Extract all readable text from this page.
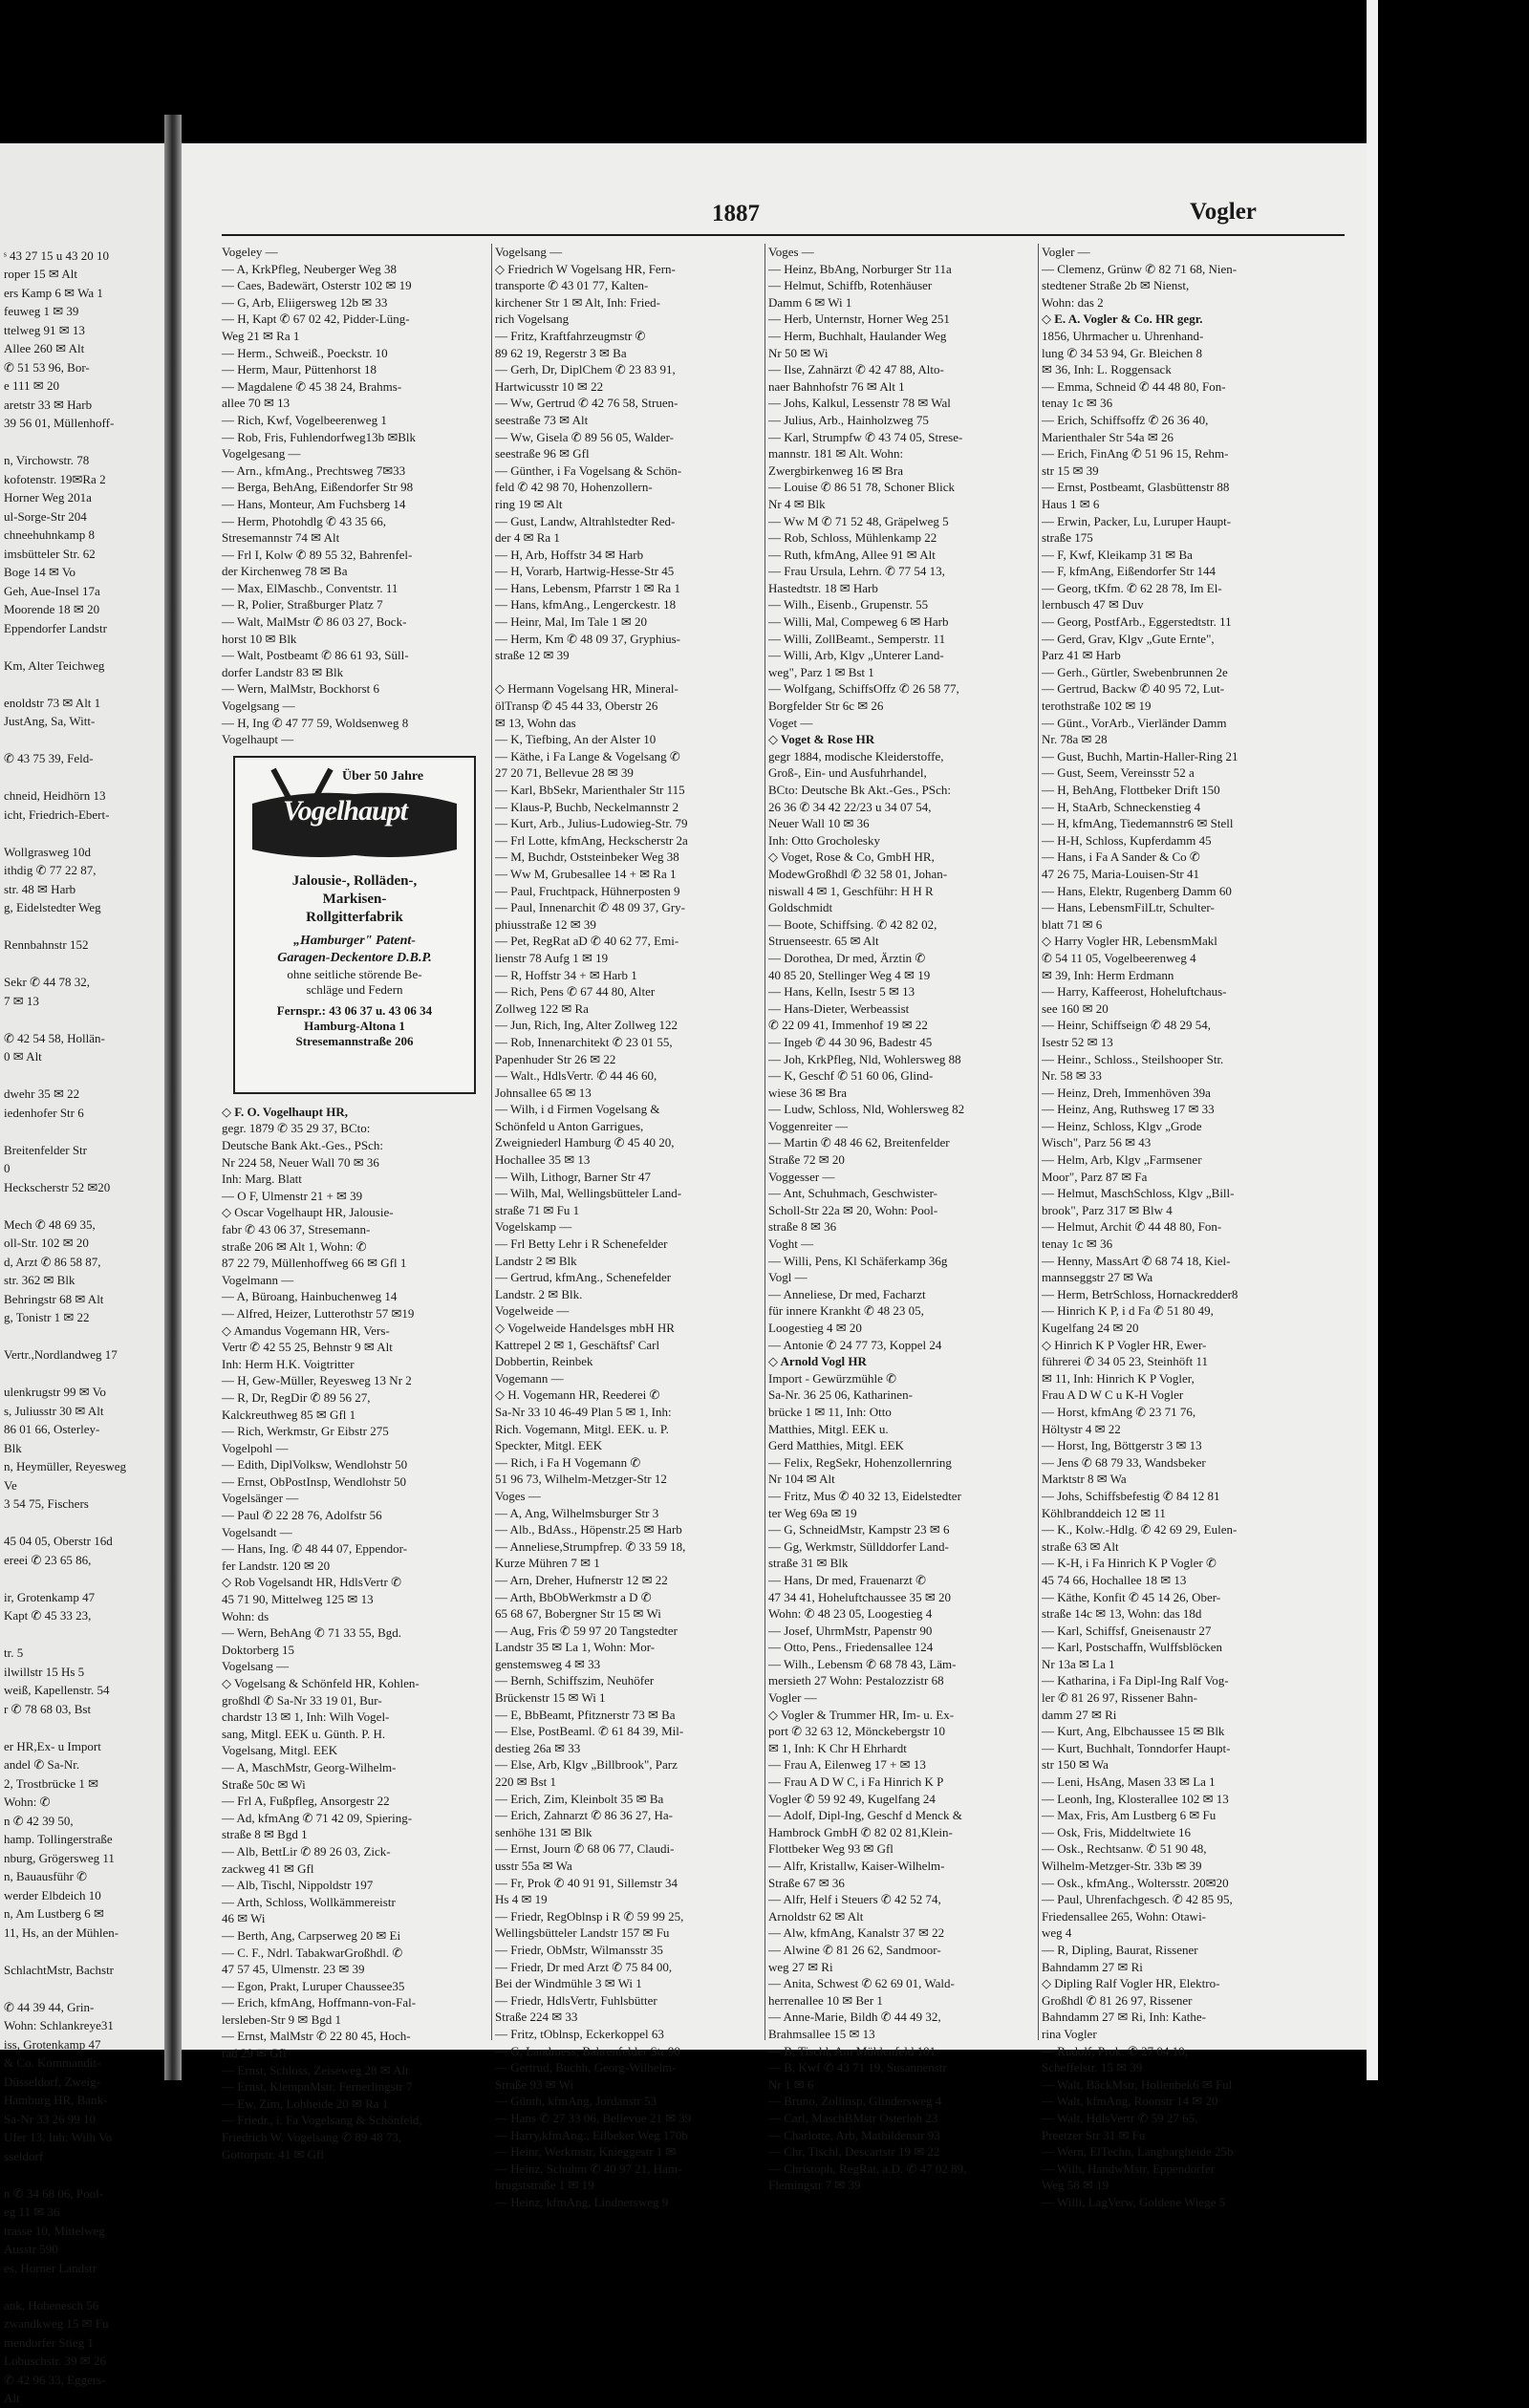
ˢ 43 27 15 u 43 20 10
roper 15 ✉ Alt
ers Kamp 6 ✉ Wa 1
feuweg 1 ✉ 39
ttelweg 91 ✉ 13
Allee 260 ✉ Alt
✆ 51 53 96, Bor-
e 111 ✉ 20
aretstr 33 ✉ Harb
39 56 01, Müllenhoff-

n, Virchowstr. 78
kofotenstr. 19✉Ra 2
Horner Weg 201a
ul-Sorge-Str 204
chneehuhnkamp 8
imsbütteler Str. 62
Boge 14 ✉ Vo
Geh, Aue-Insel 17a
Moorende 18 ✉ 20
Eppendorfer Landstr

Km, Alter Teichweg

enoldstr 73 ✉ Alt 1
JustAng, Sa, Witt-

✆ 43 75 39, Feld-

chneid, Heidhörn 13
icht, Friedrich-Ebert-

Wollgrasweg 10d
ithdig ✆ 77 22 87,
str. 48 ✉ Harb
g, Eidelstedter Weg

Rennbahnstr 152

Sekr ✆ 44 78 32,
7 ✉ 13

✆ 42 54 58, Hollän-
0 ✉ Alt

dwehr 35 ✉ 22
iedenhofer Str 6

Breitenfelder Str
0
Heckscherstr 52 ✉20

Mech ✆ 48 69 35,
oll-Str. 102 ✉ 20
d, Arzt ✆ 86 58 87,
str. 362 ✉ Blk
Behringstr 68 ✉ Alt
g, Tonistr 1 ✉ 22

Vertr.,Nordlandweg 17

ulenkrugstr 99 ✉ Vo
s, Juliusstr 30 ✉ Alt
86 01 66, Osterley-
Blk
n, Heymüller, Reyesweg
Ve
3 54 75, Fischers

45 04 05, Oberstr 16d
ereei ✆ 23 65 86,

ir, Grotenkamp 47
Kapt ✆ 45 33 23,

tr. 5
ilwillstr 15 Hs 5
weiß, Kapellenstr. 54
r ✆ 78 68 03, Bst

er HR,Ex- u Import
andel ✆ Sa-Nr.
2, Trostbrücke 1 ✉
Wohn: ✆
n ✆ 42 39 50,
hamp. Tollingerstraße
nburg, Grögersweg 11
n, Bauausführ ✆
werder Elbdeich 10
n, Am Lustberg 6 ✉
11, Hs, an der Mühlen-

SchlachtMstr, Bachstr

✆ 44 39 44, Grin-
Wohn: Schlankreye31
iss, Grotenkamp 47
& Co. Kommandit-
Düsseldorf, Zweig-
Hamburg HR, Bank-
Sa-Nr 33 26 99 10
Ufer 13, Inh: Wilh Vo
sseldorf

n ✆ 34 68 06, Pool-
eg 11 ✉ 36
trasse 10, Mittelweg
Ausstr 590
es, Horner Landstr

ank, Hohenesch 56
zwandkweg 15 ✉ Fu
mendorfer Stieg 1
Lobuschstr. 39 ✉ 26
✆ 42 96 33, Eggers-
Alt
1887	Vogler
Vogeley —
— A, KrkPfleg, Neuberger Weg 38
— Caes, Badewärt, Osterstr 102 ✉ 19
— G, Arb, Eliigersweg 12b ✉ 33
— H, Kapt ✆ 67 02 42, Pidder-Lüng-
Weg 21 ✉ Ra 1
— Herm., Schweiß., Poeckstr. 10
— Herm, Maur, Püttenhorst 18
— Magdalene ✆ 45 38 24, Brahms-
allee 70 ✉ 13
— Rich, Kwf, Vogelbeerenweg 1
— Rob, Fris, Fuhlendorfweg13b ✉Blk
Vogelgesang —
— Arn., kfmAng., Prechtsweg 7✉33
— Berga, BehAng, Eißendorfer Str 98
— Hans, Monteur, Am Fuchsberg 14
— Herm, Photohdlg ✆ 43 35 66,
Stresemannstr 74 ✉ Alt
— Frl I, Kolw ✆ 89 55 32, Bahrenfel-
der Kirchenweg 78 ✉ Ba
— Max, ElMaschb., Conventstr. 11
— R, Polier, Straßburger Platz 7
— Walt, MalMstr ✆ 86 03 27, Bock-
horst 10 ✉ Blk
— Walt, Postbeamt ✆ 86 61 93, Süll-
dorfer Landstr 83 ✉ Blk
— Wern, MalMstr, Bockhorst 6
Vogelgsang —
— H, Ing ✆ 47 77 59, Woldsenweg 8
Vogelhaupt —
Über 50 Jahre
Vogelhaupt
Jalousie-, Rolläden-,
Markisen-
Rollgitterfabrik
„Hamburger" Patent-
Garagen-Deckentore D.B.P.
ohne seitliche störende Be-
schläge und Federn
Fernspr.: 43 06 37 u. 43 06 34
Hamburg-Altona 1
Stresemannstraße 206
◇ F. O. Vogelhaupt HR,
gegr. 1879 ✆ 35 29 37, BCto:
Deutsche Bank Akt.-Ges., PSch:
Nr 224 58, Neuer Wall 70 ✉ 36
Inh: Marg. Blatt
— O F, Ulmenstr 21 + ✉ 39
◇ Oscar Vogelhaupt HR, Jalousie-
fabr ✆ 43 06 37, Stresemann-
straße 206 ✉ Alt 1, Wohn: ✆
87 22 79, Müllenhoffweg 66 ✉ Gfl 1
Vogelmann —
— A, Büroang, Hainbuchenweg 14
— Alfred, Heizer, Lutterothstr 57 ✉19
◇ Amandus Vogemann HR, Vers-
Vertr ✆ 42 55 25, Behnstr 9 ✉ Alt
Inh: Herm H.K. Voigtritter
— H, Gew-Müller, Reyesweg 13 Nr 2
— R, Dr, RegDir ✆ 89 56 27,
Kalckreuthweg 85 ✉ Gfl 1
— Rich, Werkmstr, Gr Eibstr 275
Vogelpohl —
— Edith, DiplVolksw, Wendlohstr 50
— Ernst, ObPostInsp, Wendlohstr 50
Vogelsänger —
— Paul ✆ 22 28 76, Adolfstr 56
Vogelsandt —
— Hans, Ing. ✆ 48 44 07, Eppendor-
fer Landstr. 120 ✉ 20
◇ Rob Vogelsandt HR, HdlsVertr ✆
45 71 90, Mittelweg 125 ✉ 13
Wohn: ds
— Wern, BehAng ✆ 71 33 55, Bgd.
Doktorberg 15
Vogelsang —
◇ Vogelsang & Schönfeld HR, Kohlen-
großhdl ✆ Sa-Nr 33 19 01, Bur-
chardstr 13 ✉ 1, Inh: Wilh Vogel-
sang, Mitgl. EEK u. Günth. P. H.
Vogelsang, Mitgl. EEK
— A, MaschMstr, Georg-Wilhelm-
Straße 50c ✉ Wi
— Frl A, Fußpfleg, Ansorgestr 22
— Ad, kfmAng ✆ 71 42 09, Spiering-
straße 8 ✉ Bgd 1
— Alb, BettLir ✆ 89 26 03, Zick-
zackweg 41 ✉ Gfl
— Alb, Tischl, Nippoldstr 197
— Arth, Schloss, Wollkämmereistr
46 ✉ Wi
— Berth, Ang, Carpserweg 20 ✉ Ei
— C. F., Ndrl. TabakwarGroßhdl. ✆
47 57 45, Ulmenstr. 23 ✉ 39
— Egon, Prakt, Luruper Chaussee35
— Erich, kfmAng, Hoffmann-von-Fal-
lersleben-Str 9 ✉ Bgd 1
— Ernst, MalMstr ✆ 22 80 45, Hoch-
rad 29 ✉ Gfl
— Ernst, Schloss, Zeiseweg 28 ✉ Alt
— Ernst, KlempnMstr, Fernerlingstr 7
— Ew, Zim, Lohheide 20 ✉ Ra 1
— Friedr., i. Fa Vogelsang & Schönfeld,
Friedrich W. Vogelsang ✆ 89 48 73,
Gottorpstr. 41 ✉ Gfl
Vogelsang —
◇ Friedrich W Vogelsang HR, Fern-
transporte ✆ 43 01 77, Kalten-
kirchener Str 1 ✉ Alt, Inh: Fried-
rich Vogelsang
— Fritz, Kraftfahrzeugmstr ✆
89 62 19, Regerstr 3 ✉ Ba
— Gerh, Dr, DiplChem ✆ 23 83 91,
Hartwicusstr 10 ✉ 22
— Ww, Gertrud ✆ 42 76 58, Struen-
seestraße 73 ✉ Alt
— Ww, Gisela ✆ 89 56 05, Walder-
seestraße 96 ✉ Gfl
— Günther, i Fa Vogelsang & Schön-
feld ✆ 42 98 70, Hohenzollern-
ring 19 ✉ Alt
— Gust, Landw, Altrahlstedter Red-
der 4 ✉ Ra 1
— H, Arb, Hoffstr 34 ✉ Harb
— H, Vorarb, Hartwig-Hesse-Str 45
— Hans, Lebensm, Pfarrstr 1 ✉ Ra 1
— Hans, kfmAng., Lengerckestr. 18
— Heinr, Mal, Im Tale 1 ✉ 20
— Herm, Km ✆ 48 09 37, Gryphius-
straße 12 ✉ 39

◇ Hermann Vogelsang HR, Mineral-
ölTransp ✆ 45 44 33, Oberstr 26
✉ 13, Wohn das
— K, Tiefbing, An der Alster 10
— Käthe, i Fa Lange & Vogelsang ✆
27 20 71, Bellevue 28 ✉ 39
— Karl, BbSekr, Marienthaler Str 115
— Klaus-P, Buchb, Neckelmannstr 2
— Kurt, Arb., Julius-Ludowieg-Str. 79
— Frl Lotte, kfmAng, Heckscherstr 2a
— M, Buchdr, Oststeinbeker Weg 38
— Ww M, Grubesallee 14 + ✉ Ra 1
— Paul, Fruchtpack, Hühnerposten 9
— Paul, Innenarchit ✆ 48 09 37, Gry-
phiusstraße 12 ✉ 39
— Pet, RegRat aD ✆ 40 62 77, Emi-
lienstr 78 Aufg 1 ✉ 19
— R, Hoffstr 34 + ✉ Harb 1
— Rich, Pens ✆ 67 44 80, Alter
Zollweg 122 ✉ Ra
— Jun, Rich, Ing, Alter Zollweg 122
— Rob, Innenarchitekt ✆ 23 01 55,
Papenhuder Str 26 ✉ 22
— Walt., HdlsVertr. ✆ 44 46 60,
Johnsallee 65 ✉ 13
— Wilh, i d Firmen Vogelsang &
Schönfeld u Anton Garrigues,
Zweigniederl Hamburg ✆ 45 40 20,
Hochallee 35 ✉ 13
— Wilh, Lithogr, Barner Str 47
— Wilh, Mal, Wellingsbütteler Land-
straße 71 ✉ Fu 1
Vogelskamp —
— Frl Betty Lehr i R Schenefelder
Landstr 2 ✉ Blk
— Gertrud, kfmAng., Schenefelder
Landstr. 2 ✉ Blk.
Vogelweide —
◇ Vogelweide Handelsges mbH HR
Kattrepel 2 ✉ 1, Geschäftsf' Carl
Dobbertin, Reinbek
Vogemann —
◇ H. Vogemann HR, Reederei ✆
Sa-Nr 33 10 46-49 Plan 5 ✉ 1, Inh:
Rich. Vogemann, Mitgl. EEK. u. P.
Speckter, Mitgl. EEK
— Rich, i Fa H Vogemann ✆
51 96 73, Wilhelm-Metzger-Str 12
Voges —
— A, Ang, Wilhelmsburger Str 3
— Alb., BdAss., Höpenstr.25 ✉ Harb
— Anneliese,Strumpfrep. ✆ 33 59 18,
Kurze Mühren 7 ✉ 1
— Arn, Dreher, Hufnerstr 12 ✉ 22
— Arth, BbObWerkmstr a D ✆
65 68 67, Bobergner Str 15 ✉ Wi
— Aug, Fris ✆ 59 97 20 Tangstedter
Landstr 35 ✉ La 1, Wohn: Mor-
genstemsweg 4 ✉ 33
— Bernh, Schiffszim, Neuhöfer
Brückenstr 15 ✉ Wi 1
— E, BbBeamt, Pfitznerstr 73 ✉ Ba
— Else, PostBeaml. ✆ 61 84 39, Mil-
destieg 26a ✉ 33
— Else, Arb, Klgv „Billbrook", Parz
220 ✉ Bst 1
— Erich, Zim, Kleinbolt 35 ✉ Ba
— Erich, Zahnarzt ✆ 86 36 27, Ha-
senhöhe 131 ✉ Blk
— Ernst, Journ ✆ 68 06 77, Claudi-
usstr 55a ✉ Wa
— Fr, Prok ✆ 40 91 91, Sillemstr 34
Hs 4 ✉ 19
— Friedr, RegOblnsp i R ✆ 59 99 25,
Wellingsbütteler Landstr 157 ✉ Fu
— Friedr, ObMstr, Wilmansstr 35
— Friedr, Dr med Arzt ✆ 75 84 00,
Bei der Windmühle 3 ✉ Wi 1
— Friedr, HdlsVertr, Fuhlsbütter
Straße 224 ✉ 33
— Fritz, tOblnsp, Eckerkoppel 63
— G, Landmess, Bahrenfelder Str 90
— Gertrud, Buchh, Georg-Wilhelm-
Straße 93 ✉ Wi
— Günth, kfmAng, Jordanstr 53
— Hans ✆ 27 33 06, Bellevue 21 ✉ 39
— Harry,kfmAng., Eilbeker Weg 170b
— Heinr, Werkmstr, Knieggestr 1 ✉
— Heinz, Schuhm ✆ 40 97 21, Ham-
brugststraße 1 ✉ 19
— Heinz, kfmAng, Lindnersweg 9
Voges —
— Heinz, BbAng, Norburger Str 11a
— Helmut, Schiffb, Rotenhäuser
Damm 6 ✉ Wi 1
— Herb, Unternstr, Horner Weg 251
— Herm, Buchhalt, Haulander Weg
Nr 50 ✉ Wi
— Ilse, Zahnärzt ✆ 42 47 88, Alto-
naer Bahnhofstr 76 ✉ Alt 1
— Johs, Kalkul, Lessenstr 78 ✉ Wal
— Julius, Arb., Hainholzweg 75
— Karl, Strumpfw ✆ 43 74 05, Strese-
mannstr. 181 ✉ Alt. Wohn:
Zwergbirkenweg 16 ✉ Bra
— Louise ✆ 86 51 78, Schoner Blick
Nr 4 ✉ Blk
— Ww M ✆ 71 52 48, Gräpelweg 5
— Rob, Schloss, Mühlenkamp 22
— Ruth, kfmAng, Allee 91 ✉ Alt
— Frau Ursula, Lehrn. ✆ 77 54 13,
Hastedtstr. 18 ✉ Harb
— Wilh., Eisenb., Grupenstr. 55
— Willi, Mal, Compeweg 6 ✉ Harb
— Willi, ZollBeamt., Semperstr. 11
— Willi, Arb, Klgv „Unterer Land-
weg", Parz 1 ✉ Bst 1
— Wolfgang, SchiffsOffz ✆ 26 58 77,
Borgfelder Str 6c ✉ 26
Voget —
◇ Voget & Rose HR
gegr 1884, modische Kleiderstoffe,
Groß-, Ein- und Ausfuhrhandel,
BCto: Deutsche Bk Akt.-Ges., PSch:
26 36 ✆ 34 42 22/23 u 34 07 54,
Neuer Wall 10 ✉ 36
Inh: Otto Grocholesky
◇ Voget, Rose & Co, GmbH HR,
ModewGroßhdl ✆ 32 58 01, Johan-
niswall 4 ✉ 1, Geschführ: H H R
Goldschmidt
— Boote, Schiffsing. ✆ 42 82 02,
Struenseestr. 65 ✉ Alt
— Dorothea, Dr med, Ärztin ✆
40 85 20, Stellinger Weg 4 ✉ 19
— Hans, Kelln, Isestr 5 ✉ 13
— Hans-Dieter, Werbeassist
✆ 22 09 41, Immenhof 19 ✉ 22
— Ingeb ✆ 44 30 96, Badestr 45
— Joh, KrkPfleg, Nld, Wohlersweg 88
— K, Geschf ✆ 51 60 06, Glind-
wiese 36 ✉ Bra
— Ludw, Schloss, Nld, Wohlersweg 82
Voggenreiter —
— Martin ✆ 48 46 62, Breitenfelder
Straße 72 ✉ 20
Voggesser —
— Ant, Schuhmach, Geschwister-
Scholl-Str 22a ✉ 20, Wohn: Pool-
straße 8 ✉ 36
Voght —
— Willi, Pens, Kl Schäferkamp 36g
Vogl —
— Anneliese, Dr med, Facharzt
für innere Krankht ✆ 48 23 05,
Loogestieg 4 ✉ 20
— Antonie ✆ 24 77 73, Koppel 24
◇ Arnold Vogl HR
Import - Gewürzmühle ✆
Sa-Nr. 36 25 06, Katharinen-
brücke 1 ✉ 11, Inh: Otto
Matthies, Mitgl. EEK u.
Gerd Matthies, Mitgl. EEK
— Felix, RegSekr, Hohenzollernring
Nr 104 ✉ Alt
— Fritz, Mus ✆ 40 32 13, Eidelstedter
ter Weg 69a ✉ 19
— G, SchneidMstr, Kampstr 23 ✉ 6
— Gg, Werkmstr, Süllddorfer Land-
straße 31 ✉ Blk
— Hans, Dr med, Frauenarzt ✆
47 34 41, Hoheluftchaussee 35 ✉ 20
Wohn: ✆ 48 23 05, Loogestieg 4
— Josef, UhrmMstr, Papenstr 90
— Otto, Pens., Friedensallee 124
— Wilh., Lebensm ✆ 68 78 43, Läm-
mersieth 27 Wohn: Pestalozzistr 68
Vogler —
◇ Vogler & Trummer HR, Im- u. Ex-
port ✆ 32 63 12, Mönckebergstr 10
✉ 1, Inh: K Chr H Ehrhardt
— Frau A, Eilenweg 17 + ✉ 13
— Frau A D W C, i Fa Hinrich K P
Vogler ✆ 59 92 49, Kugelfang 24
— Adolf, Dipl-Ing, Geschf d Menck &
Hambrock GmbH ✆ 82 02 81,Klein-
Flottbeker Weg 93 ✉ Gfl
— Alfr, Kristallw, Kaiser-Wilhelm-
Straße 67 ✉ 36
— Alfr, Helf i Steuers ✆ 42 52 74,
Arnoldstr 62 ✉ Alt
— Alw, kfmAng, Kanalstr 37 ✉ 22
— Alwine ✆ 81 26 62, Sandmoor-
weg 27 ✉ Ri
— Anita, Schwest ✆ 62 69 01, Wald-
herrenallee 10 ✉ Ber 1
— Anne-Marie, Bildh ✆ 44 49 32,
Brahmsallee 15 ✉ 13
— B, Tischl, Am Mühlenfeld 101
— B, Kwf ✆ 43 71 19, Susannenstr
Nr 1 ✉ 6
— Bruno, Zollinsp, Glindersweg 4
— Carl, MaschBMstr Osterloh 23
— Charlotte, Arb, Mathildenstr 93
— Chr, Tischl, Descartstr 19 ✉ 22
— Christoph, RegRat, a.D. ✆ 47 02 89,
Flemingstr 7 ✉ 39
Vogler —
— Clemenz, Grünw ✆ 82 71 68, Nien-
stedtener Straße 2b ✉ Nienst,
Wohn: das 2
◇ E. A. Vogler & Co. HR gegr.
1856, Uhrmacher u. Uhrenhand-
lung ✆ 34 53 94, Gr. Bleichen 8
✉ 36, Inh: L. Roggensack
— Emma, Schneid ✆ 44 48 80, Fon-
tenay 1c ✉ 36
— Erich, Schiffsoffz ✆ 26 36 40,
Marienthaler Str 54a ✉ 26
— Erich, FinAng ✆ 51 96 15, Rehm-
str 15 ✉ 39
— Ernst, Postbeamt, Glasbüttenstr 88
Haus 1 ✉ 6
— Erwin, Packer, Lu, Luruper Haupt-
straße 175
— F, Kwf, Kleikamp 31 ✉ Ba
— F, kfmAng, Eißendorfer Str 144
— Georg, tKfm. ✆ 62 28 78, Im El-
lernbusch 47 ✉ Duv
— Georg, PostfArb., Eggerstedtstr. 11
— Gerd, Grav, Klgv „Gute Ernte",
Parz 41 ✉ Harb
— Gerh., Gürtler, Swebenbrunnen 2e
— Gertrud, Backw ✆ 40 95 72, Lut-
terothstraße 102 ✉ 19
— Günt., VorArb., Vierländer Damm
Nr. 78a ✉ 28
— Gust, Buchh, Martin-Haller-Ring 21
— Gust, Seem, Vereinsstr 52 a
— H, BehAng, Flottbeker Drift 150
— H, StaArb, Schneckenstieg 4
— H, kfmAng, Tiedemannstr6 ✉ Stell
— H-H, Schloss, Kupferdamm 45
— Hans, i Fa A Sander & Co ✆
47 26 75, Maria-Louisen-Str 41
— Hans, Elektr, Rugenberg Damm 60
— Hans, LebensmFilLtr, Schulter-
blatt 71 ✉ 6
◇ Harry Vogler HR, LebensmMakl
✆ 54 11 05, Vogelbeerenweg 4
✉ 39, Inh: Herm Erdmann
— Harry, Kaffeerost, Hoheluftchaus-
see 160 ✉ 20
— Heinr, Schiffseign ✆ 48 29 54,
Isestr 52 ✉ 13
— Heinr., Schloss., Steilshooper Str.
Nr. 58 ✉ 33
— Heinz, Dreh, Immenhöven 39a
— Heinz, Ang, Ruthsweg 17 ✉ 33
— Heinz, Schloss, Klgv „Grode
Wisch", Parz 56 ✉ 43
— Helm, Arb, Klgv „Farmsener
Moor", Parz 87 ✉ Fa
— Helmut, MaschSchloss, Klgv „Bill-
brook", Parz 317 ✉ Blw 4
— Helmut, Archit ✆ 44 48 80, Fon-
tenay 1c ✉ 36
— Henny, MassArt ✆ 68 74 18, Kiel-
mannseggstr 27 ✉ Wa
— Herm, BetrSchloss, Hornackredder8
— Hinrich K P, i d Fa ✆ 51 80 49,
Kugelfang 24 ✉ 20
◇ Hinrich K P Vogler HR, Ewer-
führerei ✆ 34 05 23, Steinhöft 11
✉ 11, Inh: Hinrich K P Vogler,
Frau A D W C u K-H Vogler
— Horst, kfmAng ✆ 23 71 76,
Höltystr 4 ✉ 22
— Horst, Ing, Böttgerstr 3 ✉ 13
— Jens ✆ 68 79 33, Wandsbeker
Marktstr 8 ✉ Wa
— Johs, Schiffsbefestig ✆ 84 12 81
Köhlbranddeich 12 ✉ 11
— K., Kolw.-Hdlg. ✆ 42 69 29, Eulen-
straße 63 ✉ Alt
— K-H, i Fa Hinrich K P Vogler ✆
45 74 66, Hochallee 18 ✉ 13
— Käthe, Konfit ✆ 45 14 26, Ober-
straße 14c ✉ 13, Wohn: das 18d
— Karl, Schiffsf, Gneisenaustr 27
— Karl, Postschaffn, Wulffsblöcken
Nr 13a ✉ La 1
— Katharina, i Fa Dipl-Ing Ralf Vog-
ler ✆ 81 26 97, Rissener Bahn-
damm 27 ✉ Ri
— Kurt, Ang, Elbchaussee 15 ✉ Blk
— Kurt, Buchhalt, Tonndorfer Haupt-
str 150 ✉ Wa
— Leni, HsAng, Masen 33 ✉ La 1
— Leonh, Ing, Klosterallee 102 ✉ 13
— Max, Fris, Am Lustberg 6 ✉ Fu
— Osk, Fris, Middeltwiete 16
— Osk., Rechtsanw. ✆ 51 90 48,
Wilhelm-Metzger-Str. 33b ✉ 39
— Osk., kfmAng., Woltersstr. 20✉20
— Paul, Uhrenfachgesch. ✆ 42 85 95,
Friedensallee 265, Wohn: Otawi-
weg 4
— R, Dipling, Baurat, Rissener
Bahndamm 27 ✉ Ri
◇ Dipling Ralf Vogler HR, Elektro-
Großhdl ✆ 81 26 97, Rissener
Bahndamm 27 ✉ Ri, Inh: Kathe-
rina Vogler
— Rudolf, Prok. ✆ 27 04 10,
Scheffelstr. 15 ✉ 39
— Walt, BäckMstr, Hollenbek6 ✉ Ful
— Walt, kfmAng, Roonstr 14 ✉ 20
— Walt, HdlsVertr ✆ 59 27 65,
Preetzer Str 31 ✉ Fu
— Wern, ElTechn, Langbargheide 25b
— Wilh, HandwMstr, Eppendorfer
Weg 58 ✉ 19
— Willi, LagVerw, Goldene Wiege 5
